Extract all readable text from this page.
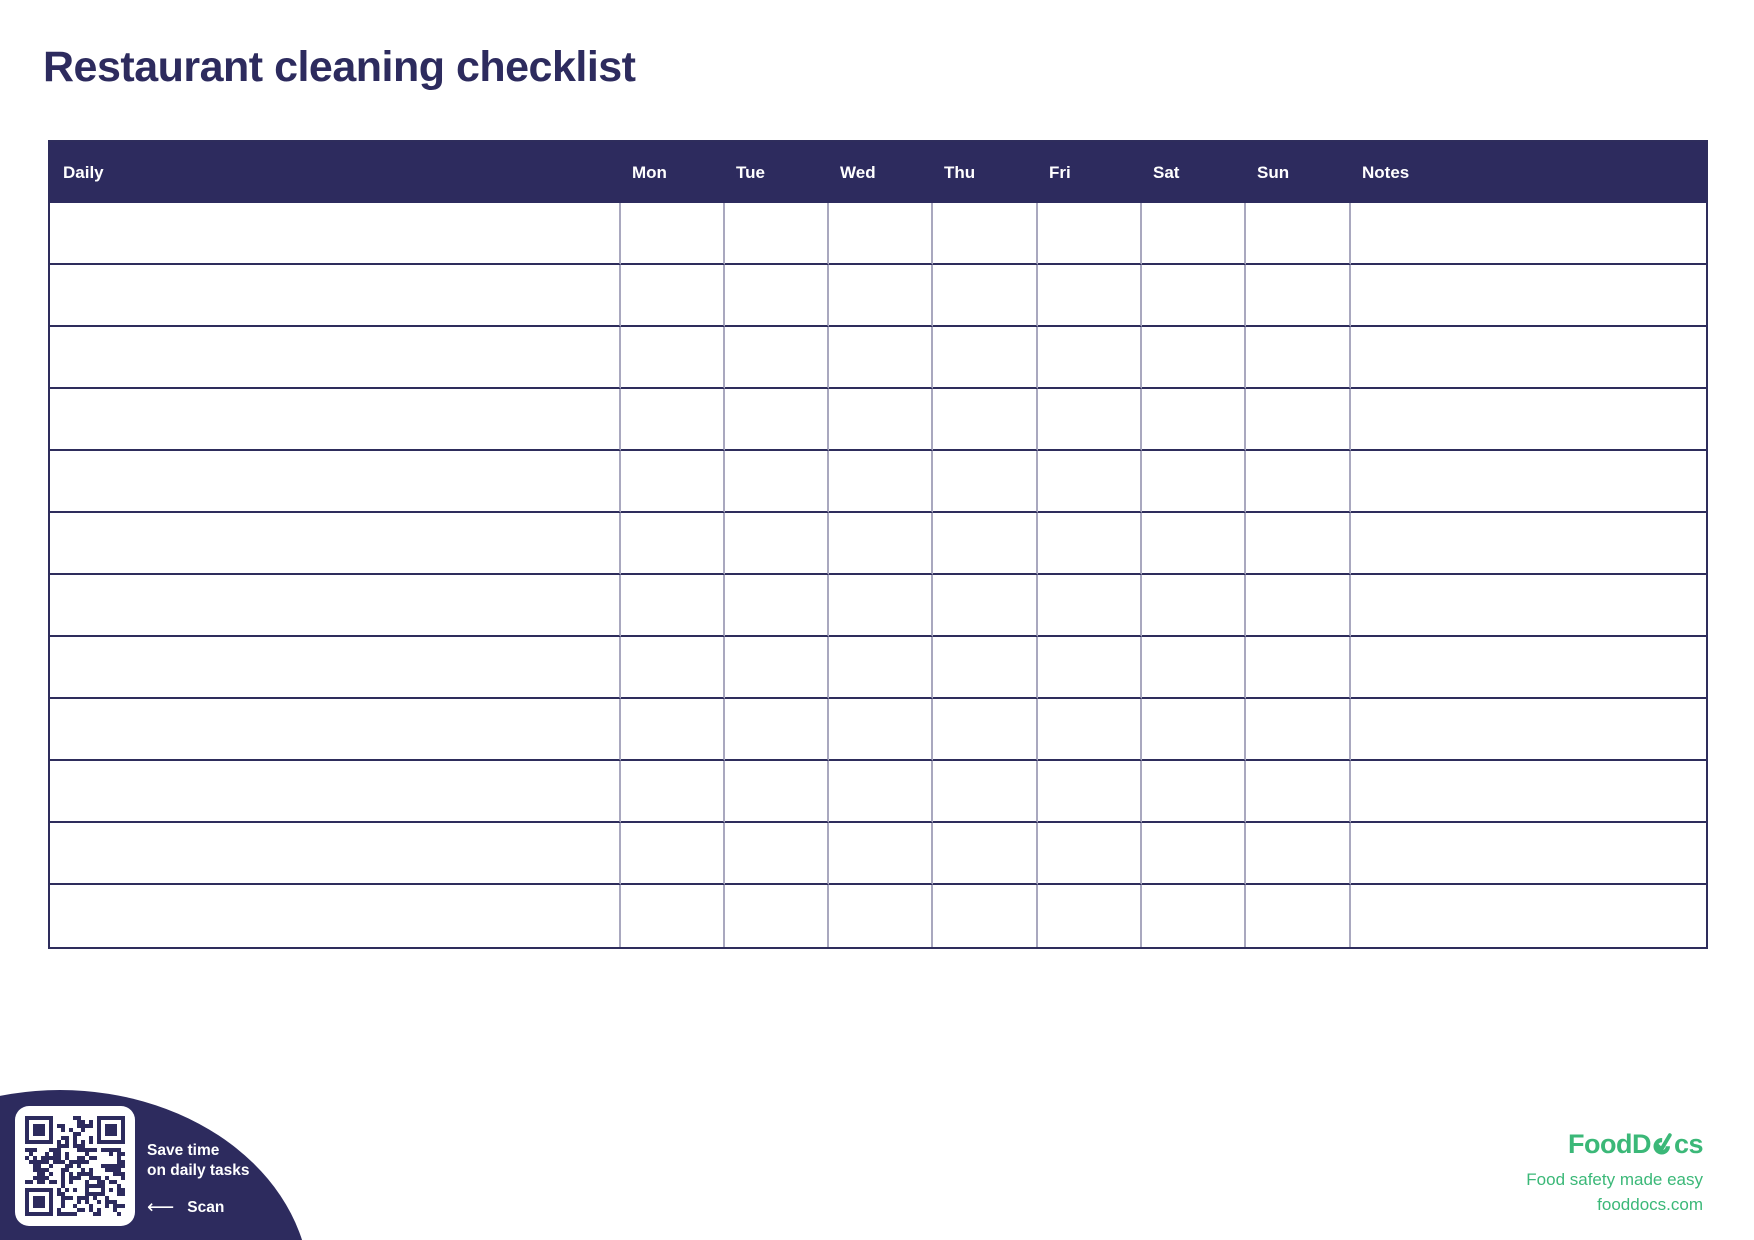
Restaurant cleaning checklist
Daily	Mon	Tue	Wed	Thu	Fri	Sat	Sun	Notes

Save time
on daily tasks
⟵ Scan
FoodD cs
Food safety made easy
fooddocs.com
